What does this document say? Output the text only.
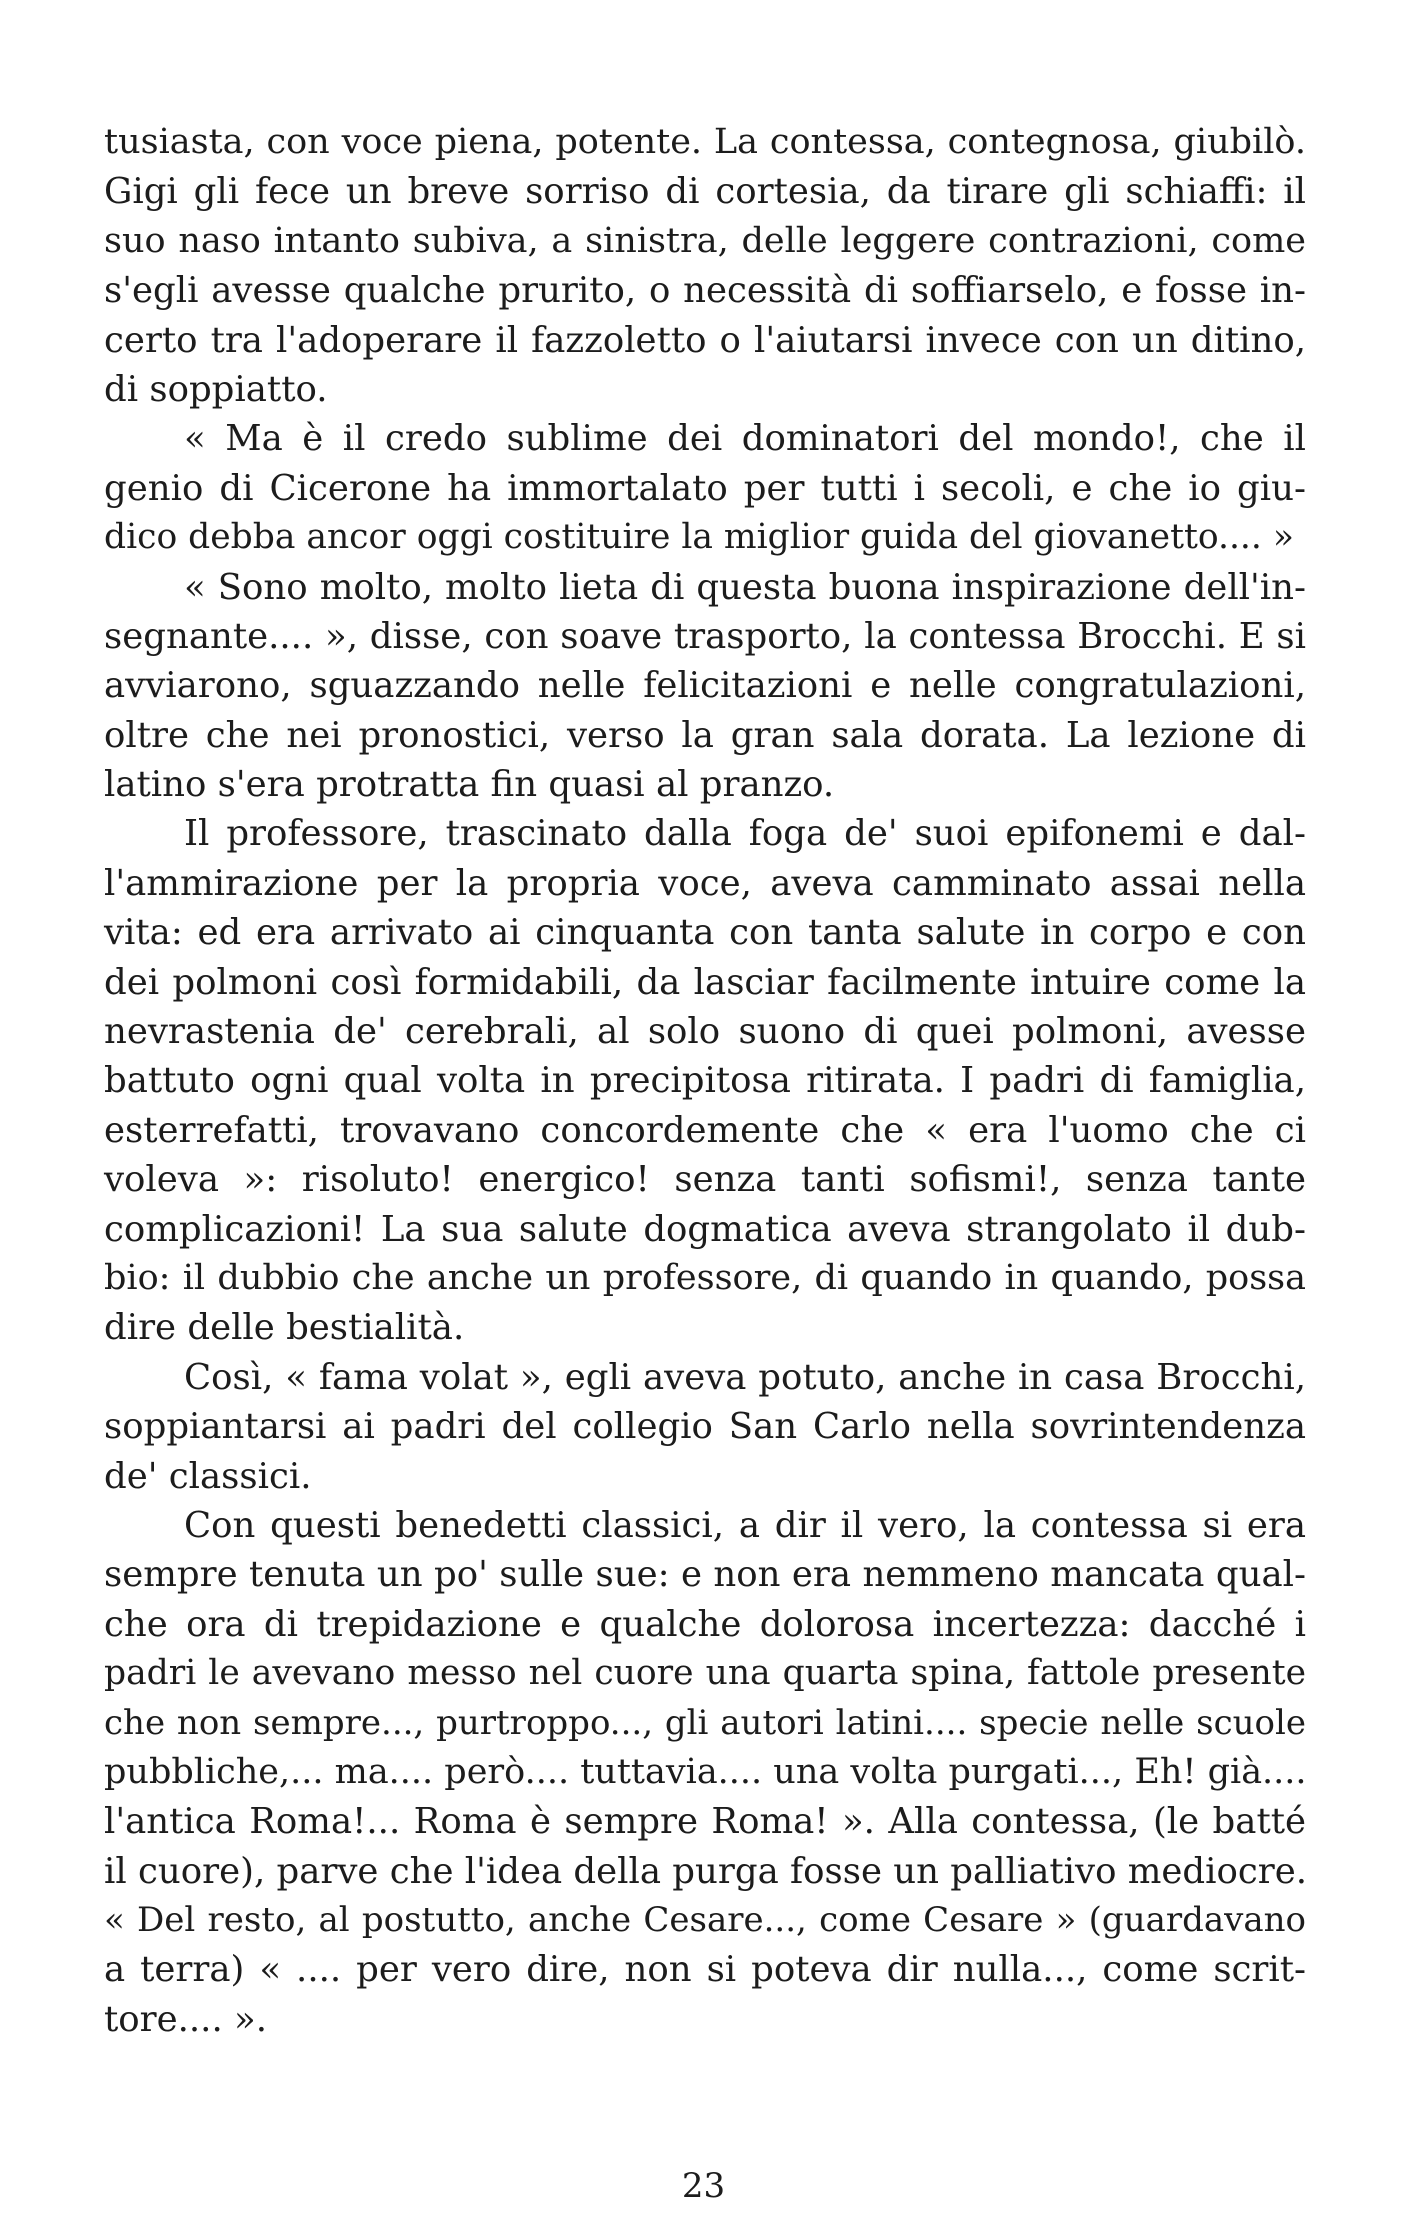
tusiasta, con voce piena, potente. La contessa, contegnosa, giubilò.
Gigi gli fece un breve sorriso di cortesia, da tirare gli schiaffi: il
suo naso intanto subiva, a sinistra, delle leggere contrazioni, come
s'egli avesse qualche prurito, o necessità di soffiarselo, e fosse in-
certo tra l'adoperare il fazzoletto o l'aiutarsi invece con un ditino,
di soppiatto.
« Ma è il credo sublime dei dominatori del mondo!, che il
genio di Cicerone ha immortalato per tutti i secoli, e che io giu-
dico debba ancor oggi costituire la miglior guida del giovanetto.... »
« Sono molto, molto lieta di questa buona inspirazione dell'in-
segnante.... », disse, con soave trasporto, la contessa Brocchi. E si
avviarono, sguazzando nelle felicitazioni e nelle congratulazioni,
oltre che nei pronostici, verso la gran sala dorata. La lezione di
latino s'era protratta fin quasi al pranzo.
Il professore, trascinato dalla foga de' suoi epifonemi e dal-
l'ammirazione per la propria voce, aveva camminato assai nella
vita: ed era arrivato ai cinquanta con tanta salute in corpo e con
dei polmoni così formidabili, da lasciar facilmente intuire come la
nevrastenia de' cerebrali, al solo suono di quei polmoni, avesse
battuto ogni qual volta in precipitosa ritirata. I padri di famiglia,
esterrefatti, trovavano concordemente che « era l'uomo che ci
voleva »: risoluto! energico! senza tanti sofismi!, senza tante
complicazioni! La sua salute dogmatica aveva strangolato il dub-
bio: il dubbio che anche un professore, di quando in quando, possa
dire delle bestialità.
Così, « fama volat », egli aveva potuto, anche in casa Brocchi,
soppiantarsi ai padri del collegio San Carlo nella sovrintendenza
de' classici.
Con questi benedetti classici, a dir il vero, la contessa si era
sempre tenuta un po' sulle sue: e non era nemmeno mancata qual-
che ora di trepidazione e qualche dolorosa incertezza: dacché i
padri le avevano messo nel cuore una quarta spina, fattole presente
che non sempre..., purtroppo..., gli autori latini.... specie nelle scuole
pubbliche,... ma.... però.... tuttavia.... una volta purgati..., Eh! già....
l'antica Roma!... Roma è sempre Roma! ». Alla contessa, (le batté
il cuore), parve che l'idea della purga fosse un palliativo mediocre.
« Del resto, al postutto, anche Cesare..., come Cesare » (guardavano
a terra) « .... per vero dire, non si poteva dir nulla..., come scrit-
tore.... ».
23
